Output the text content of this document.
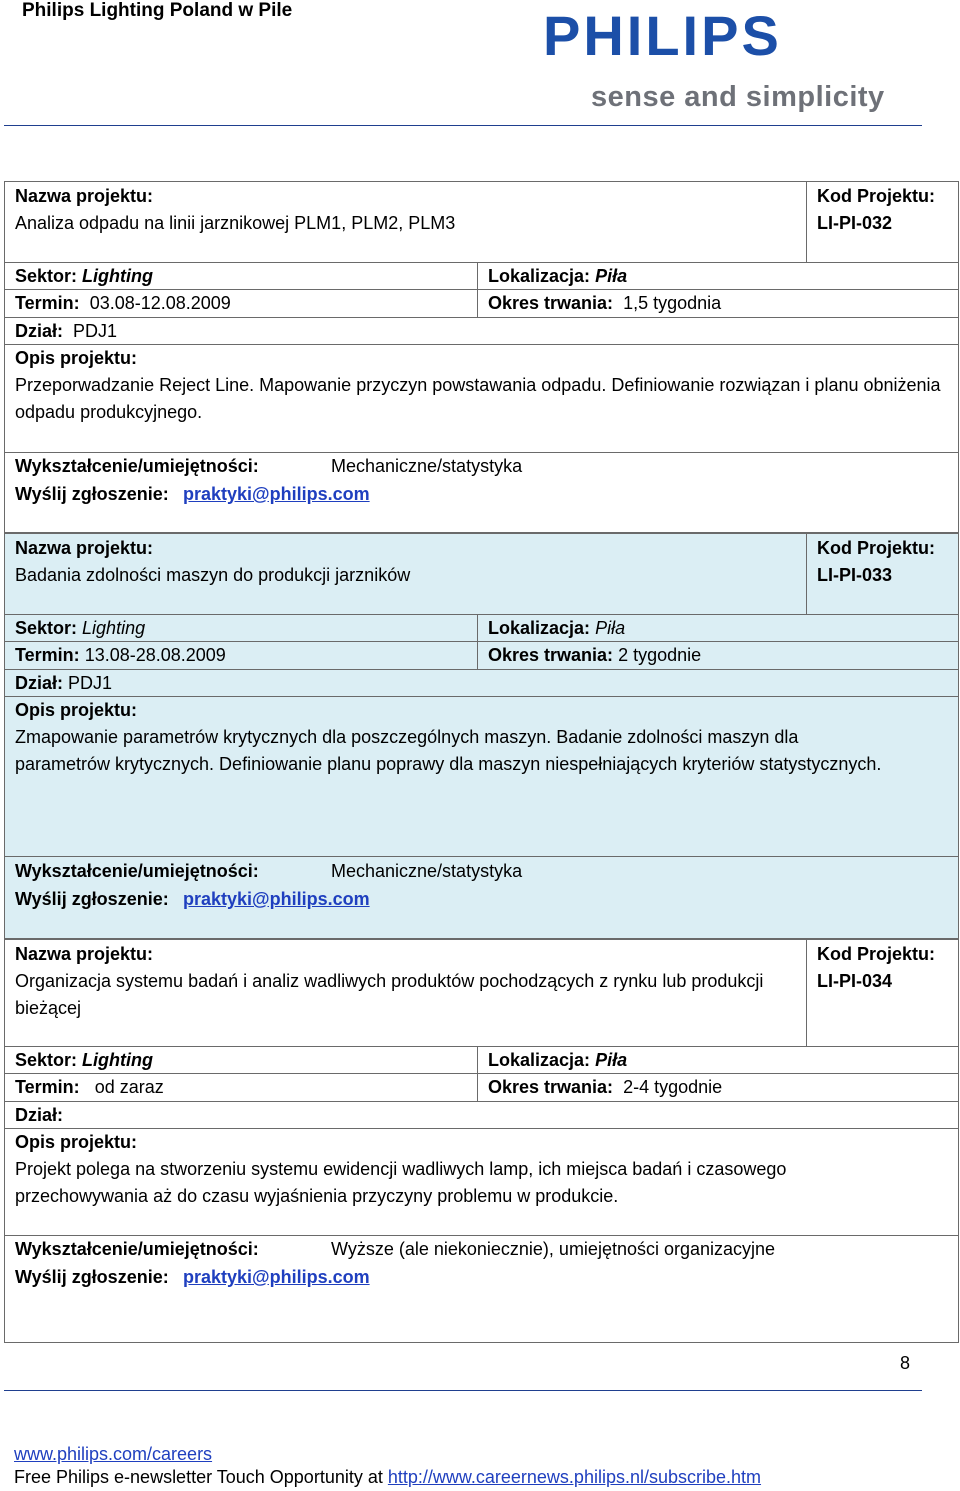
Philips Lighting Poland w Pile	PHILIPS
sense and simplicity
Nazwa projektu:
Analiza odpadu na linii jarznikowej PLM1, PLM2, PLM3
Kod Projektu:
LI-PI-032
Sektor: Lighting	Lokalizacja: Piła
Termin: 03.08-12.08.2009	Okres trwania: 1,5 tygodnia
Dział: PDJ1
Opis projektu:
Przeporwadzanie Reject Line. Mapowanie przyczyn powstawania odpadu. Definiowanie rozwiązan i planu obniżenia odpadu produkcyjnego.
Wykształcenie/umiejętności:	Mechaniczne/statystyka
Wyślij zgłoszenie: praktyki@philips.com
Nazwa projektu:
Badania zdolności maszyn do produkcji jarzników
Kod Projektu:
LI-PI-033
Sektor: Lighting	Lokalizacja: Piła
Termin: 13.08-28.08.2009	Okres trwania: 2 tygodnie
Dział: PDJ1
Opis projektu:
Zmapowanie parametrów krytycznych dla poszczególnych maszyn. Badanie zdolności maszyn dla parametrów krytycznych. Definiowanie planu poprawy dla maszyn niespełniających kryteriów statystycznych.
Wykształcenie/umiejętności:	Mechaniczne/statystyka
Wyślij zgłoszenie: praktyki@philips.com
Nazwa projektu:
Organizacja systemu badań i analiz wadliwych produktów pochodzących z rynku lub produkcji bieżącej
Kod Projektu:
LI-PI-034
Sektor: Lighting	Lokalizacja: Piła
Termin: od zaraz	Okres trwania: 2-4 tygodnie
Dział:
Opis projektu:
Projekt polega na stworzeniu systemu ewidencji wadliwych lamp, ich miejsca badań i czasowego przechowywania aż do czasu wyjaśnienia przyczyny problemu w produkcie.
Wykształcenie/umiejętności:	Wyższe (ale niekoniecznie), umiejętności organizacyjne
Wyślij zgłoszenie: praktyki@philips.com
8
www.philips.com/careers
Free Philips e-newsletter Touch Opportunity at http://www.careernews.philips.nl/subscribe.htm
